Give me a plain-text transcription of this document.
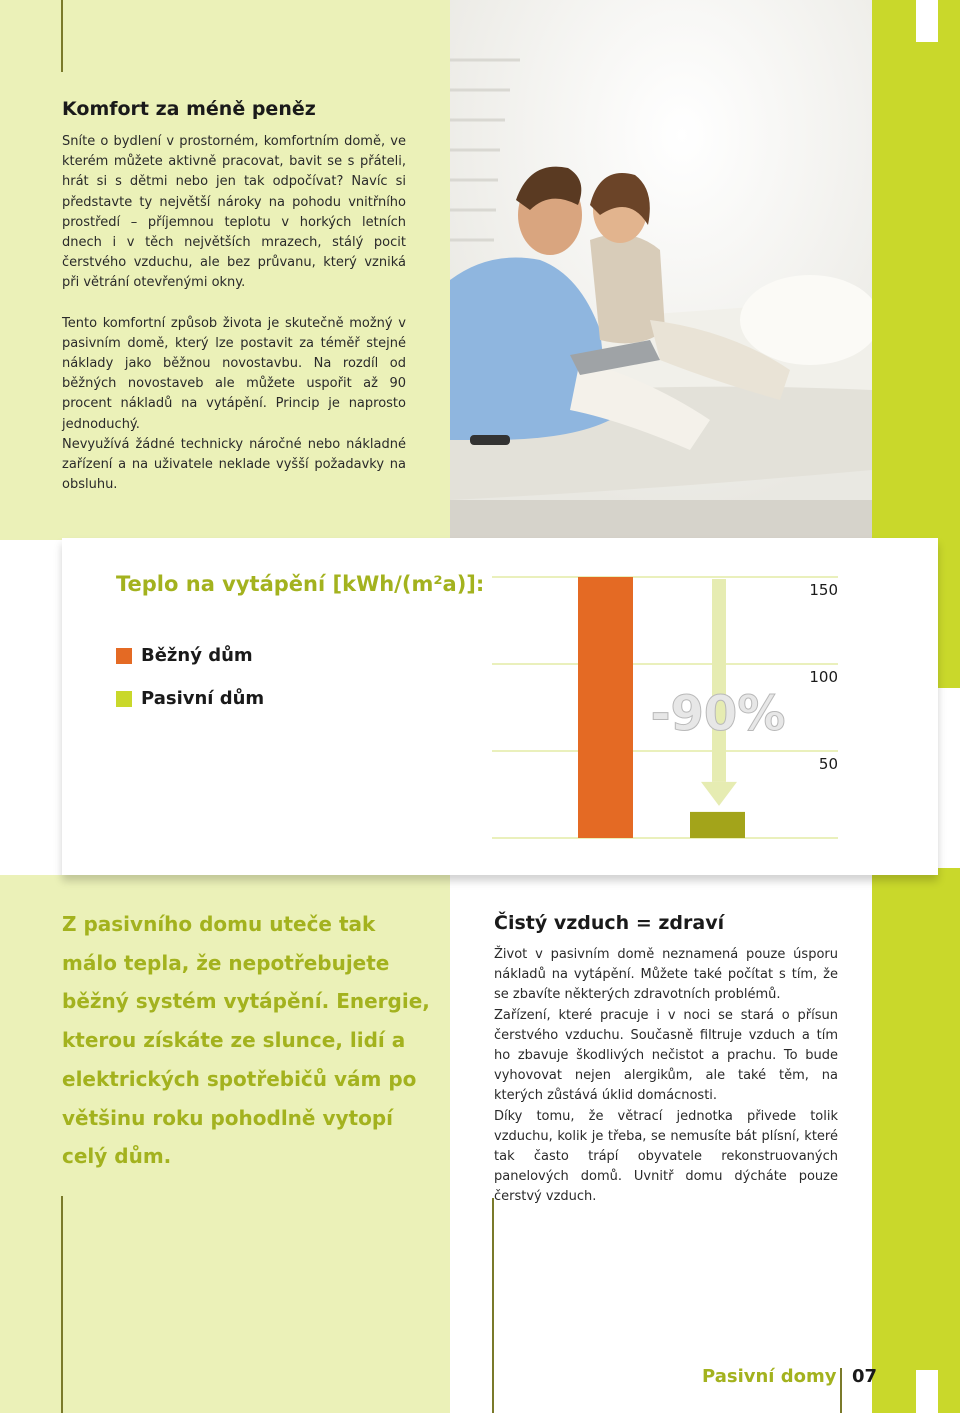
Komfort za méně peněz

Sníte o bydlení v prostorném, komfortním domě, ve kterém můžete aktivně pracovat, bavit se s přáteli, hrát si s dětmi nebo jen tak odpočívat? Navíc si představte ty největší nároky na pohodu vnitřního prostředí – příjemnou teplotu v horkých letních dnech i v těch největších mrazech, stálý pocit čerstvého vzduchu, ale bez průvanu, který vzniká při větrání otevřenými okny.

Tento komfortní způsob života je skutečně možný v pasivním domě, který lze postavit za téměř stejné náklady jako běžnou novostavbu. Na rozdíl od běžných novostaveb ale můžete uspořit až 90 procent nákladů na vytápění. Princip je naprosto jednoduchý.

Nevyužívá žádné technicky náročné nebo nákladné zařízení a na uživatele neklade vyšší požadavky na obsluhu.

Teplo na vytápění [kWh/(m²a)]:
Běžný dům
Pasivní dům
150
100
50
-90%

Z pasivního domu uteče tak málo tepla, že nepotřebujete běžný systém vytápění. Energie, kterou získáte ze slunce, lidí a elektrických spotřebičů vám po většinu roku pohodlně vytopí celý dům.

Čistý vzduch = zdraví

Život v pasivním domě neznamená pouze úsporu nákladů na vytápění. Můžete také počítat s tím, že se zbavíte některých zdravotních problémů.

Zařízení, které pracuje i v noci se stará o přísun čerstvého vzduchu. Současně filtruje vzduch a tím ho zbavuje škodlivých nečistot a prachu. To bude vyhovovat nejen alergikům, ale také těm, na kterých zůstává úklid domácnosti.

Díky tomu, že větrací jednotka přivede tolik vzduchu, kolik je třeba, se nemusíte bát plísní, které tak často trápí obyvatele rekonstruovaných panelových domů. Uvnitř domu dýcháte pouze čerstvý vzduch.

Pasivní domy 07
